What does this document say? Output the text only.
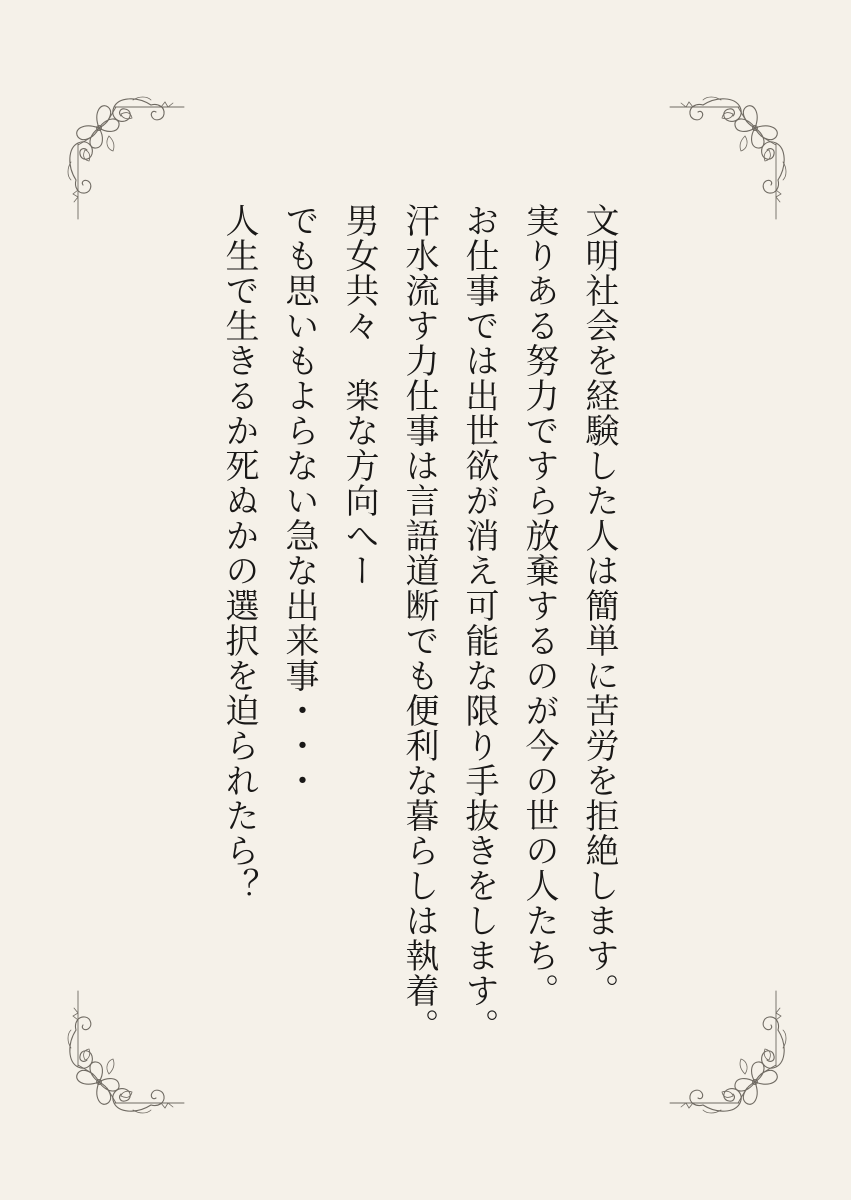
文明社会を経験した人は簡単に苦労を拒絶します。

実りある努力ですら放棄するのが今の世の人たち。

お仕事では出世欲が消え可能な限り手抜きをします。

汗水流す力仕事は言語道断でも便利な暮らしは執着。

男女共々　楽な方向へー

でも思いもよらない急な出来事・・・

人生で生きるか死ぬかの選択を迫られたら？
